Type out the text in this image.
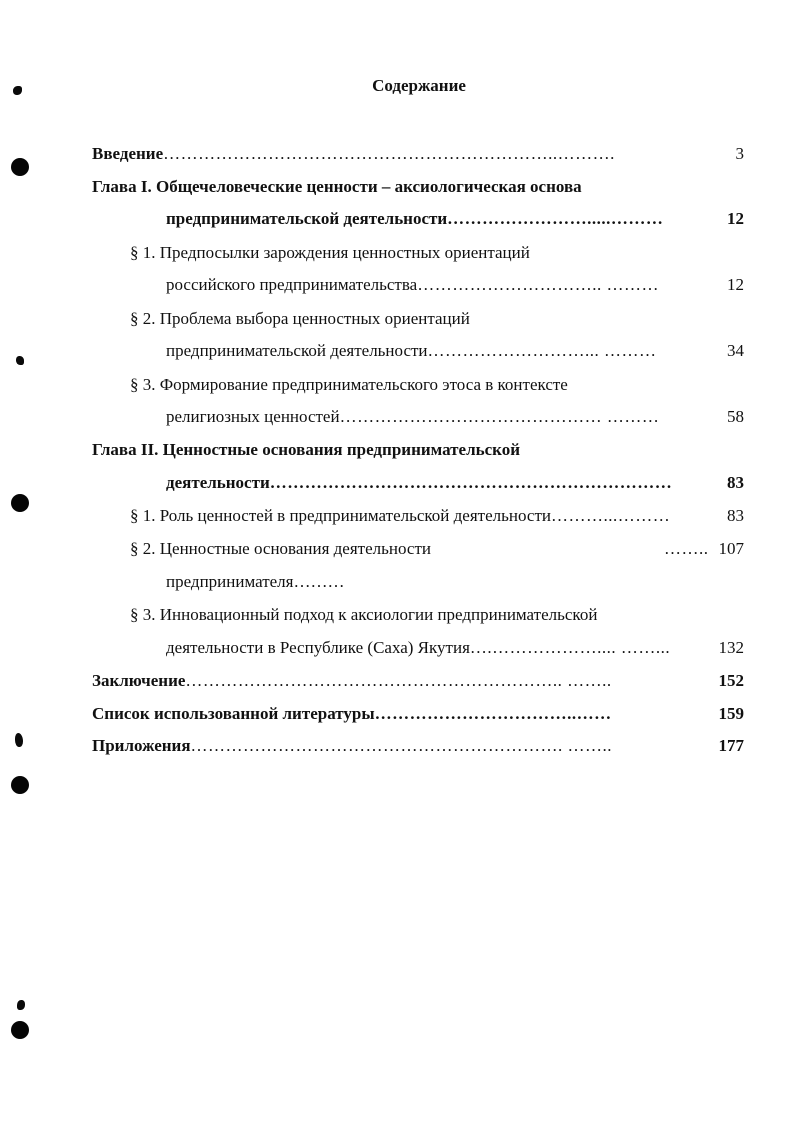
Содержание
Введение …………………………………………………………..……….	3
Глава I. Общечеловеческие ценности – аксиологическая основа
предпринимательской деятельности …………………….....………	12
§ 1. Предпосылки зарождения ценностных ориентаций
российского предпринимательства ………………………….. ………	12
§ 2. Проблема выбора ценностных ориентаций
предпринимательской деятельности ………………………... ………	34
§ 3. Формирование предпринимательского этоса в контексте
религиозных ценностей ……………………………………… ………	58
Глава II. Ценностные основания предпринимательской
деятельности ……………………………………………………………	83
§ 1. Роль ценностей в предпринимательской деятельности ………...………	83
§ 2. Ценностные основания деятельности	…….. 107
предпринимателя………
§ 3. Инновационный подход к аксиологии предпринимательской
деятельности в Республике (Саха) Якутия ….……………….... ……...	132
Заключение ……………………………………………………….. ……..	152
Список использованной литературы ……………………………..……	159
Приложения ………………………………………………………. ……..	177
